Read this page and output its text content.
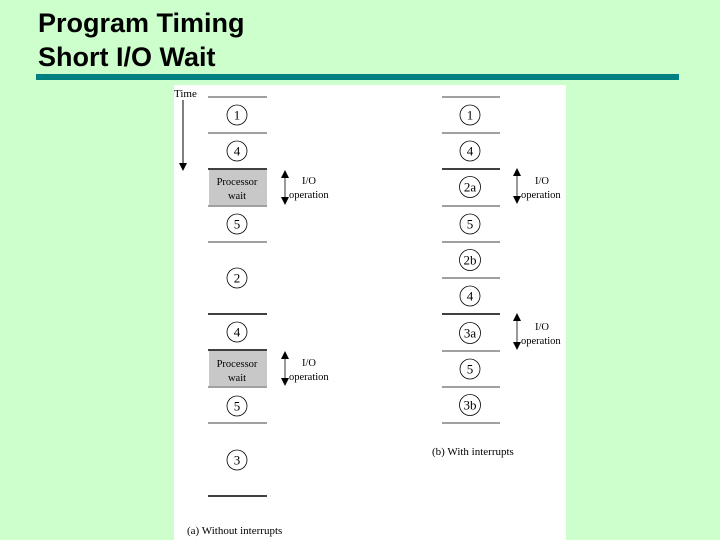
Program Timing
Short I/O Wait
Time
1
4
Processor
wait
5
2
4
Processor
wait
5
3
I/O
operation
I/O
operation
(a) Without interrupts
1
4
2a
5
2b
4
3a
5
3b
I/O
operation
I/O
operation
(b) With interrupts
